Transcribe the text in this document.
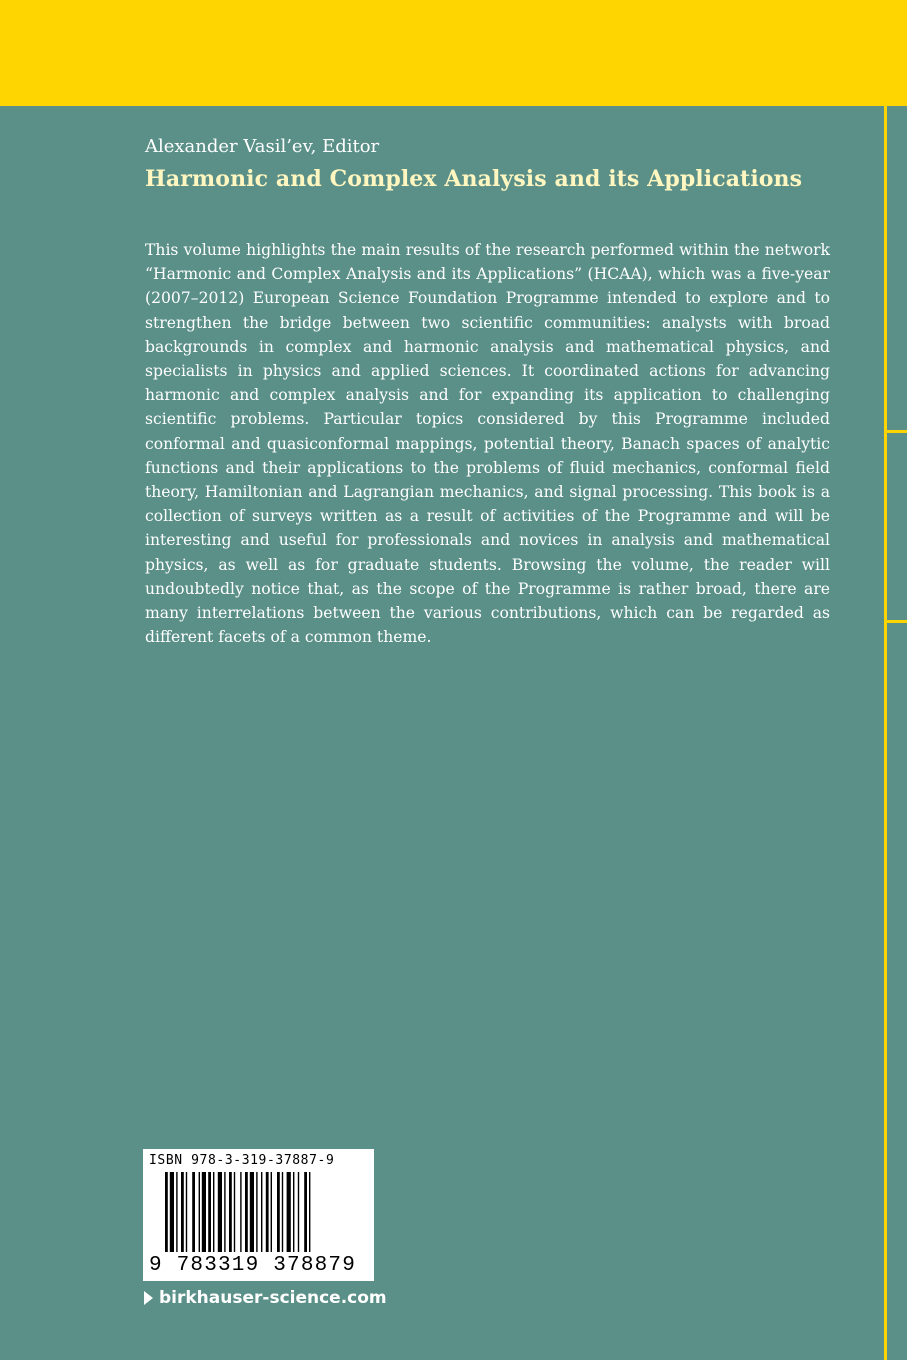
Alexander Vasil’ev, Editor
Harmonic and Complex Analysis and its Applications

This volume highlights the main results of the research performed within the network “Harmonic and Complex Analysis and its Applications” (HCAA), which was a five-year (2007–2012) European Science Foundation Programme intended to explore and to strengthen the bridge between two scientific communities: analysts with broad backgrounds in complex and harmonic analysis and mathematical physics, and specialists in physics and applied sciences. It coordinated actions for advancing harmonic and complex analysis and for expanding its application to challenging scientific problems. Particular topics considered by this Programme included conformal and quasiconformal mappings, potential theory, Banach spaces of analytic functions and their applications to the problems of fluid mechanics, conformal field theory, Hamiltonian and Lagrangian mechanics, and signal processing. This book is a collection of surveys written as a result of activities of the Programme and will be interesting and useful for professionals and novices in analysis and mathematical physics, as well as for graduate students. Browsing the volume, the reader will undoubtedly notice that, as the scope of the Programme is rather broad, there are many interrelations between the various contributions, which can be regarded as different facets of a common theme.

ISBN 978-3-319-37887-9
9 783319 378879
birkhauser-science.com
